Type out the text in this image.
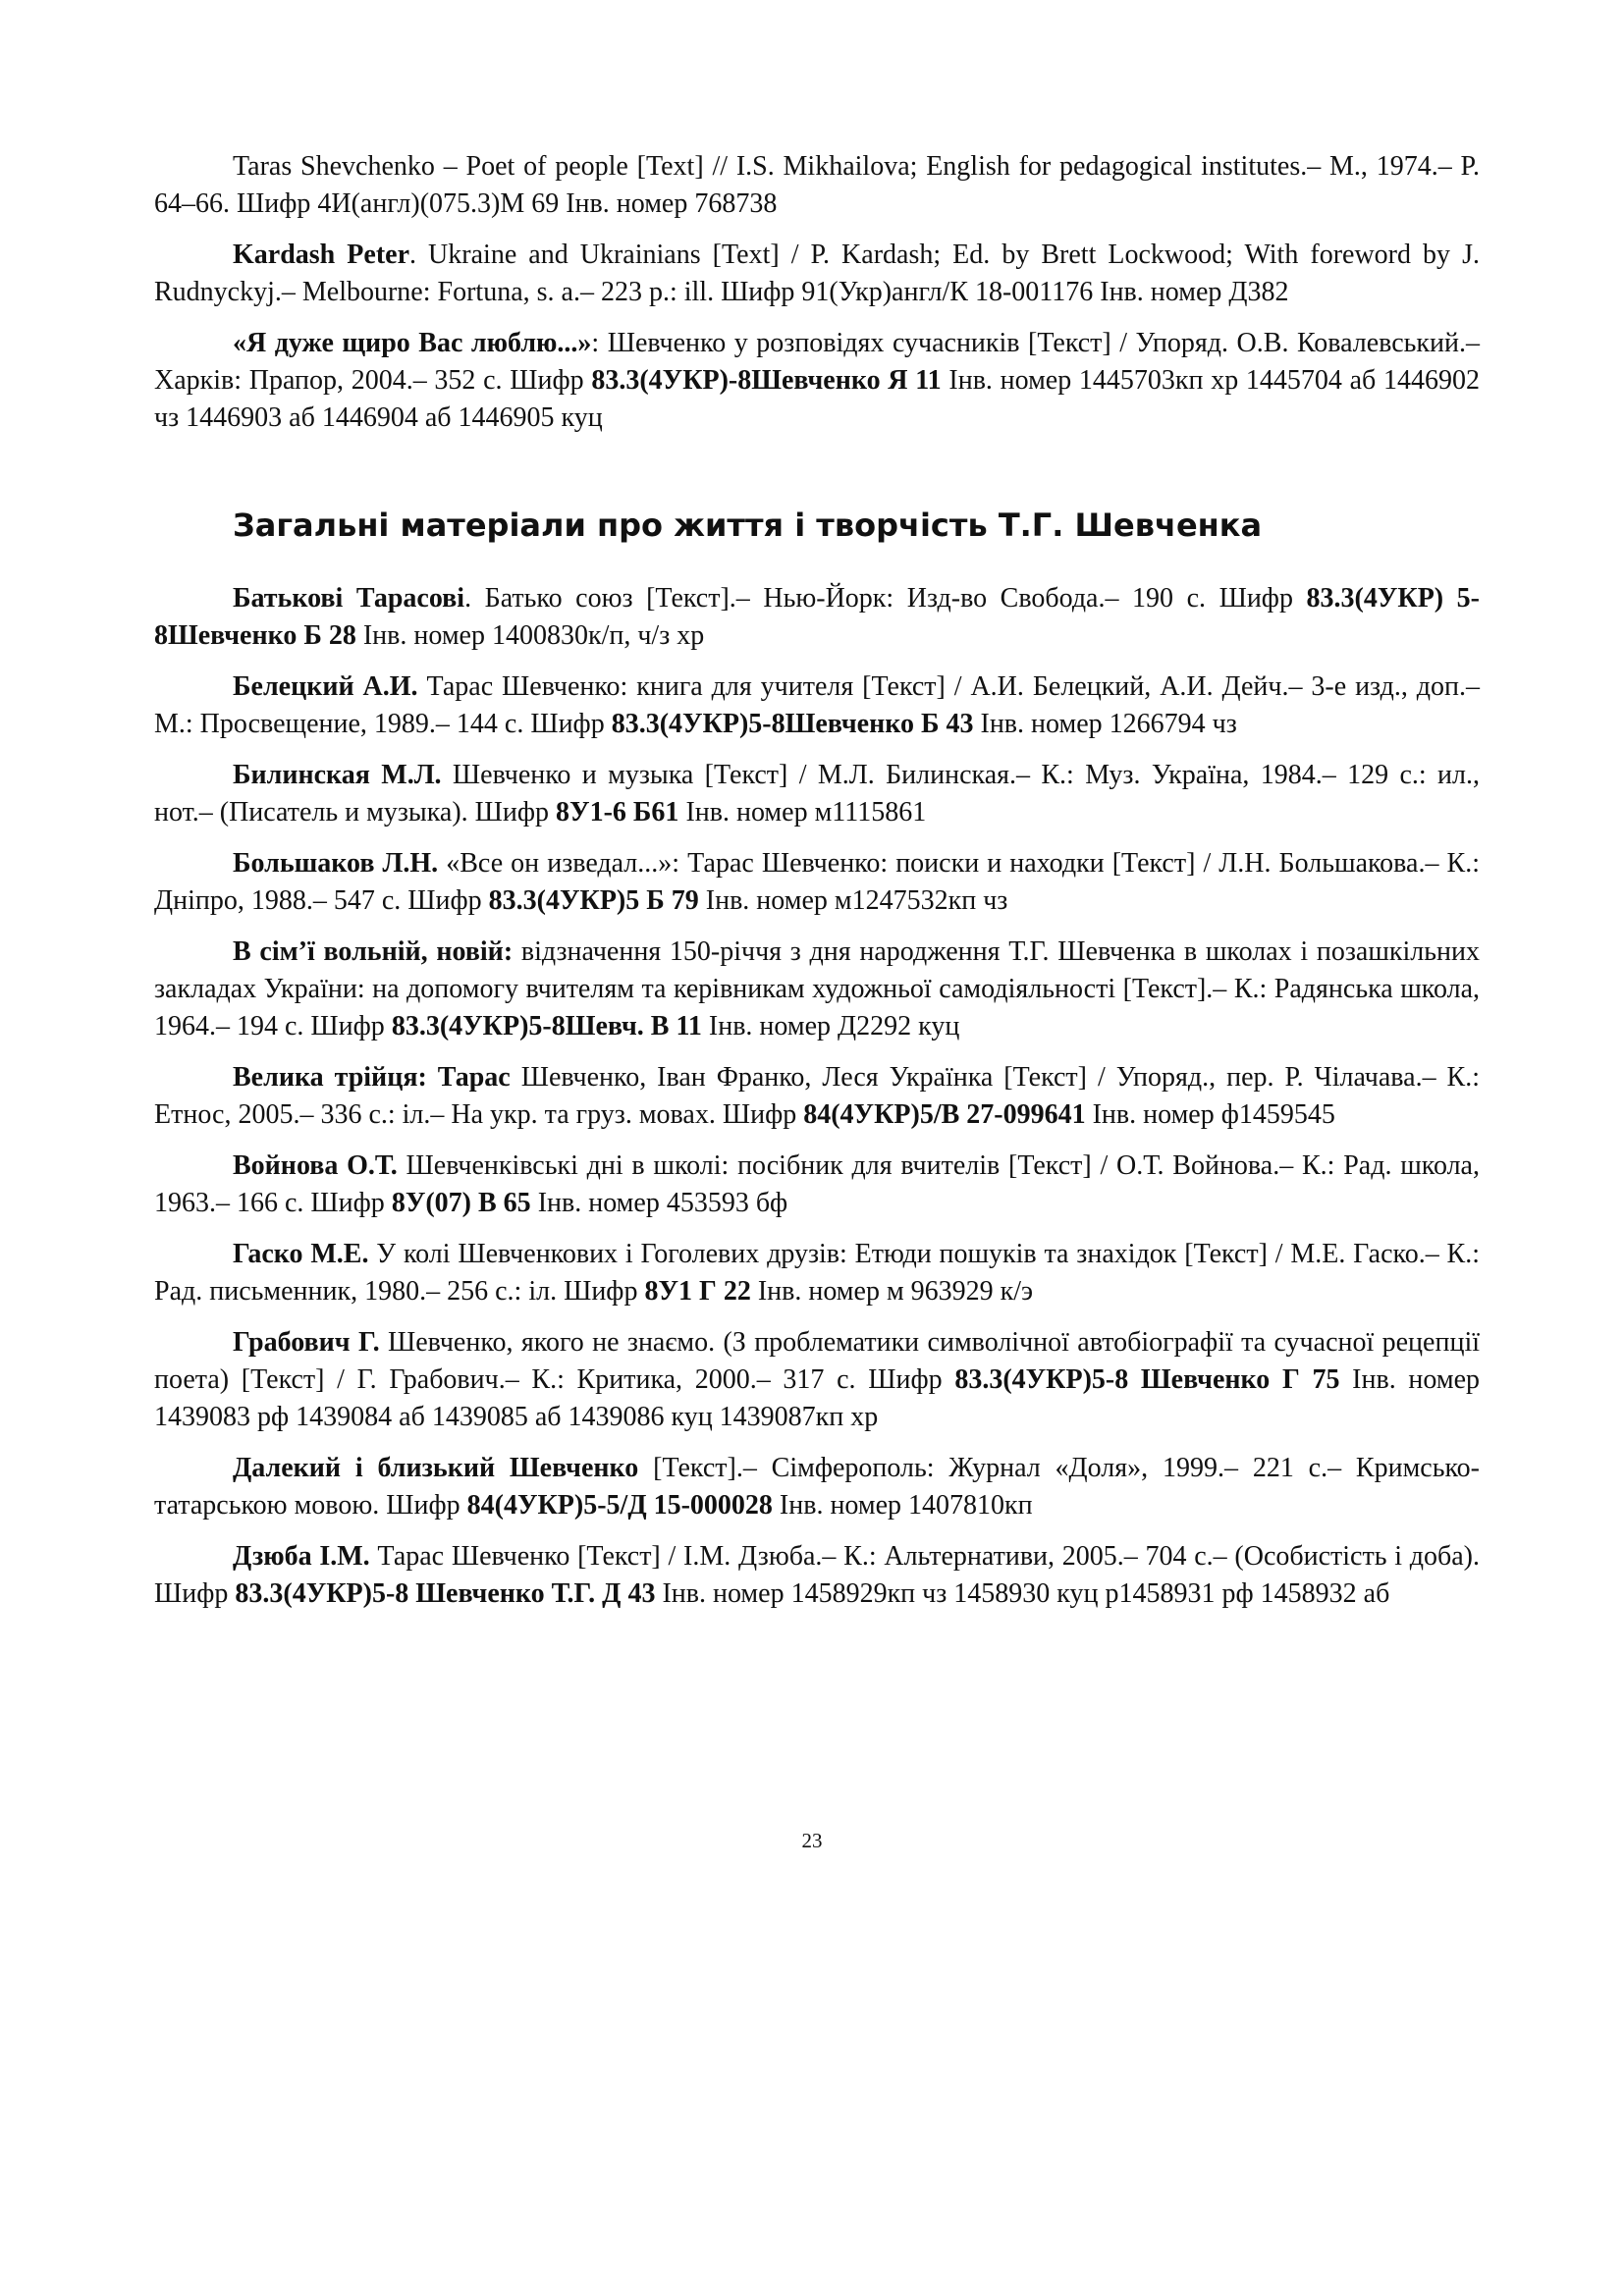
Taras Shevchenko – Poet of people [Text] // I.S. Mikhailova; English for pedagogical institutes.– M., 1974.– P. 64–66. Шифр 4И(англ)(075.3)М 69 Інв. номер 768738

Kardash Peter. Ukraine and Ukrainians [Text] / P. Kardash; Ed. by Brett Lockwood; With foreword by J. Rudnyckyj.– Melbourne: Fortuna, s. a.– 223 p.: ill. Шифр 91(Укр)англ/К 18-001176 Інв. номер Д382

«Я дуже щиро Вас люблю...»: Шевченко у розповідях сучасників [Текст] / Упоряд. О.В. Ковалевський.– Харків: Прапор, 2004.– 352 с. Шифр 83.3(4УКР)-8Шевченко Я 11 Інв. номер 1445703кп хр 1445704 аб 1446902 чз 1446903 аб 1446904 аб 1446905 куц

Загальні матеріали про життя і творчість Т.Г. Шевченка

Батькові Тарасові. Батько союз [Текст].– Нью-Йорк: Изд-во Свобода.– 190 с. Шифр 83.3(4УКР) 5-8Шевченко Б 28 Інв. номер 1400830к/п, ч/з хр

Белецкий А.И. Тарас Шевченко: книга для учителя [Текст] / А.И. Белецкий, А.И. Дейч.– 3-е изд., доп.– М.: Просвещение, 1989.– 144 с. Шифр 83.3(4УКР)5-8Шевченко Б 43 Інв. номер 1266794 чз

Билинская М.Л. Шевченко и музыка [Текст] / М.Л. Билинская.– К.: Муз. Україна, 1984.– 129 с.: ил., нот.– (Писатель и музыка). Шифр 8У1-6 Б61 Інв. номер м1115861

Большаков Л.Н. «Все он изведал...»: Тарас Шевченко: поиски и находки [Текст] / Л.Н. Большакова.– К.: Дніпро, 1988.– 547 с. Шифр 83.3(4УКР)5 Б 79 Інв. номер м1247532кп чз

В сім’ї вольній, новій: відзначення 150-річчя з дня народження Т.Г. Шевченка в школах і позашкільних закладах України: на допомогу вчителям та керівникам художньої самодіяльності [Текст].– К.: Радянська школа, 1964.– 194 с. Шифр 83.3(4УКР)5-8Шевч. В 11 Інв. номер Д2292 куц

Велика трійця: Тарас Шевченко, Іван Франко, Леся Українка [Текст] / Упоряд., пер. Р. Чілачава.– К.: Етнос, 2005.– 336 с.: іл.– На укр. та груз. мовах. Шифр 84(4УКР)5/В 27-099641 Інв. номер ф1459545

Войнова О.Т. Шевченківські дні в школі: посібник для вчителів [Текст] / О.Т. Войнова.– К.: Рад. школа, 1963.– 166 с. Шифр 8У(07) В 65 Інв. номер 453593 бф

Гаско М.Е. У колі Шевченкових і Гоголевих друзів: Етюди пошуків та знахідок [Текст] / М.Е. Гаско.– К.: Рад. письменник, 1980.– 256 с.: іл. Шифр 8У1 Г 22 Інв. номер м 963929 к/э

Грабович Г. Шевченко, якого не знаємо. (З проблематики символічної автобіографії та сучасної рецепції поета) [Текст] / Г. Грабович.– К.: Критика, 2000.– 317 с. Шифр 83.3(4УКР)5-8 Шевченко Г 75 Інв. номер 1439083 рф 1439084 аб 1439085 аб 1439086 куц 1439087кп хр

Далекий і близький Шевченко [Текст].– Сімферополь: Журнал «Доля», 1999.– 221 с.– Кримсько-татарською мовою. Шифр 84(4УКР)5-5/Д 15-000028 Інв. номер 1407810кп

Дзюба І.М. Тарас Шевченко [Текст] / І.М. Дзюба.– К.: Альтернативи, 2005.– 704 с.– (Особистість і доба). Шифр 83.3(4УКР)5-8 Шевченко Т.Г. Д 43 Інв. номер 1458929кп чз 1458930 куц р1458931 рф 1458932 аб

23
